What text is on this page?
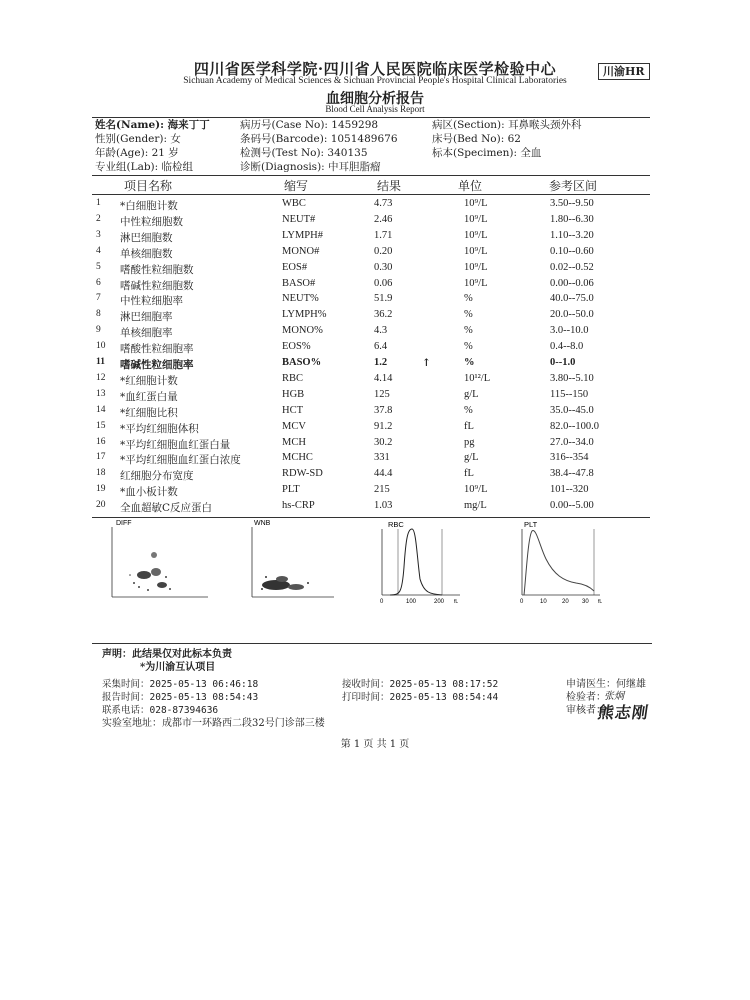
四川省医学科学院·四川省人民医院临床医学检验中心	川渝HR
Sichuan Academy of Medical Sciences & Sichuan Provincial People's Hospital Clinical Laboratories
血细胞分析报告
Blood Cell Analysis Report
姓名(Name): 海来丁丁	病历号(Case No): 1459298	病区(Section): 耳鼻喉头颈外科
性别(Gender): 女	条码号(Barcode): 1051489676	床号(Bed No): 62
年龄(Age): 21 岁	检测号(Test No): 340135	标本(Specimen): 全血
专业组(Lab): 临检组	诊断(Diagnosis): 中耳胆脂瘤
项目名称	缩写	结果	单位	参考区间
1 *白细胞计数	WBC	4.73	10⁹/L	3.50--9.50
2 中性粒细胞数	NEUT#	2.46	10⁹/L	1.80--6.30
3 淋巴细胞数	LYMPH#	1.71	10⁹/L	1.10--3.20
4 单核细胞数	MONO#	0.20	10⁹/L	0.10--0.60
5 嗜酸性粒细胞数	EOS#	0.30	10⁹/L	0.02--0.52
6 嗜碱性粒细胞数	BASO#	0.06	10⁹/L	0.00--0.06
7 中性粒细胞率	NEUT%	51.9	%	40.0--75.0
8 淋巴细胞率	LYMPH%	36.2	%	20.0--50.0
9 单核细胞率	MONO%	4.3	%	3.0--10.0
10 嗜酸性粒细胞率	EOS%	6.4	%	0.4--8.0
11 嗜碱性粒细胞率	BASO%	1.2	↑	%	0--1.0
12 *红细胞计数	RBC	4.14	10¹²/L	3.80--5.10
13 *血红蛋白量	HGB	125	g/L	115--150
14 *红细胞比积	HCT	37.8	%	35.0--45.0
15 *平均红细胞体积	MCV	91.2	fL	82.0--100.0
16 *平均红细胞血红蛋白量	MCH	30.2	pg	27.0--34.0
17 *平均红细胞血红蛋白浓度	MCHC	331	g/L	316--354
18 红细胞分布宽度	RDW-SD	44.4	fL	38.4--47.8
19 *血小板计数	PLT	215	10⁹/L	101--320
20 全血超敏C反应蛋白	hs-CRP	1.03	mg/L	0.00--5.00
DIFF	WNB	RBC
0	100	200 fL
PLT
0	10	20 30 fL
声明：此结果仅对此标本负责
*为川渝互认项目
采集时间：2025-05-13 06:46:18	接收时间：2025-05-13 08:17:52	申请医生：何继雄
报告时间：2025-05-13 08:54:43	打印时间：2025-05-13 08:54:44	检验者：
张炯
联系电话：028-87394636	审核者：
熊志刚
实验室地址：成都市一环路西二段32号门诊部三楼
第 1 页 共 1 页
